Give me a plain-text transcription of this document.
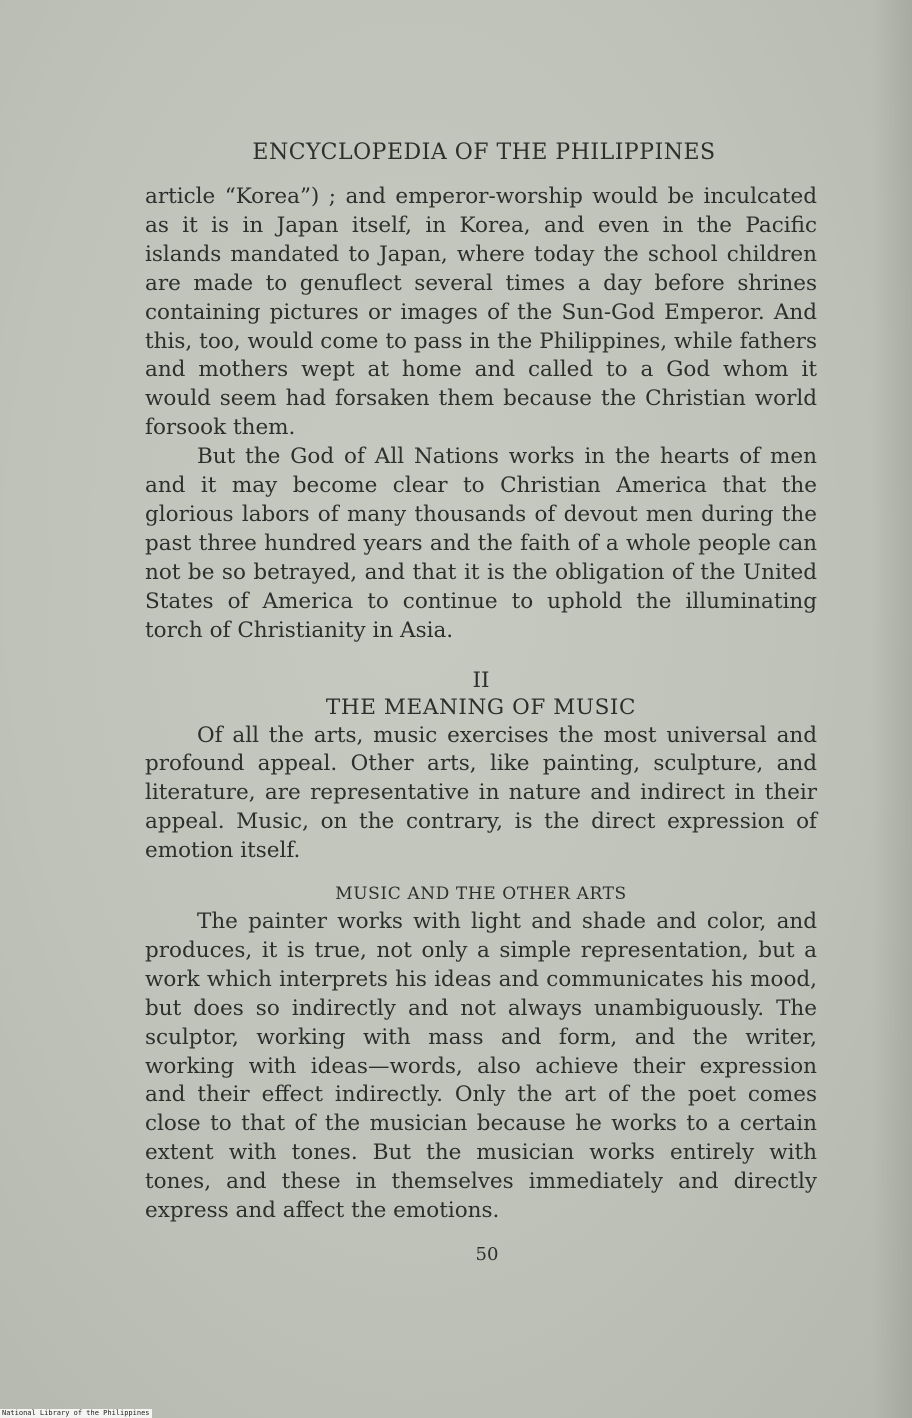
ENCYCLOPEDIA OF THE PHILIPPINES

article “Korea”) ; and emperor-worship would be inculcated as it is in Japan itself, in Korea, and even in the Pacific islands mandated to Japan, where today the school children are made to genuflect several times a day before shrines containing pictures or images of the Sun-God Emperor. And this, too, would come to pass in the Philippines, while fathers and mothers wept at home and called to a God whom it would seem had forsaken them because the Christian world forsook them.

But the God of All Nations works in the hearts of men and it may become clear to Christian America that the glorious labors of many thousands of devout men during the past three hundred years and the faith of a whole people can not be so betrayed, and that it is the obligation of the United States of America to continue to uphold the illuminating torch of Christianity in Asia.

II
THE MEANING OF MUSIC

Of all the arts, music exercises the most universal and profound appeal. Other arts, like painting, sculpture, and literature, are representative in nature and indirect in their appeal. Music, on the contrary, is the direct expression of emotion itself.

MUSIC AND THE OTHER ARTS

The painter works with light and shade and color, and produces, it is true, not only a simple representation, but a work which interprets his ideas and communicates his mood, but does so indirectly and not always unambiguously. The sculptor, working with mass and form, and the writer, working with ideas—words, also achieve their expression and their effect indirectly. Only the art of the poet comes close to that of the musician because he works to a certain extent with tones. But the musician works entirely with tones, and these in themselves immediately and directly express and affect the emotions.

50
National Library of the Philippines
